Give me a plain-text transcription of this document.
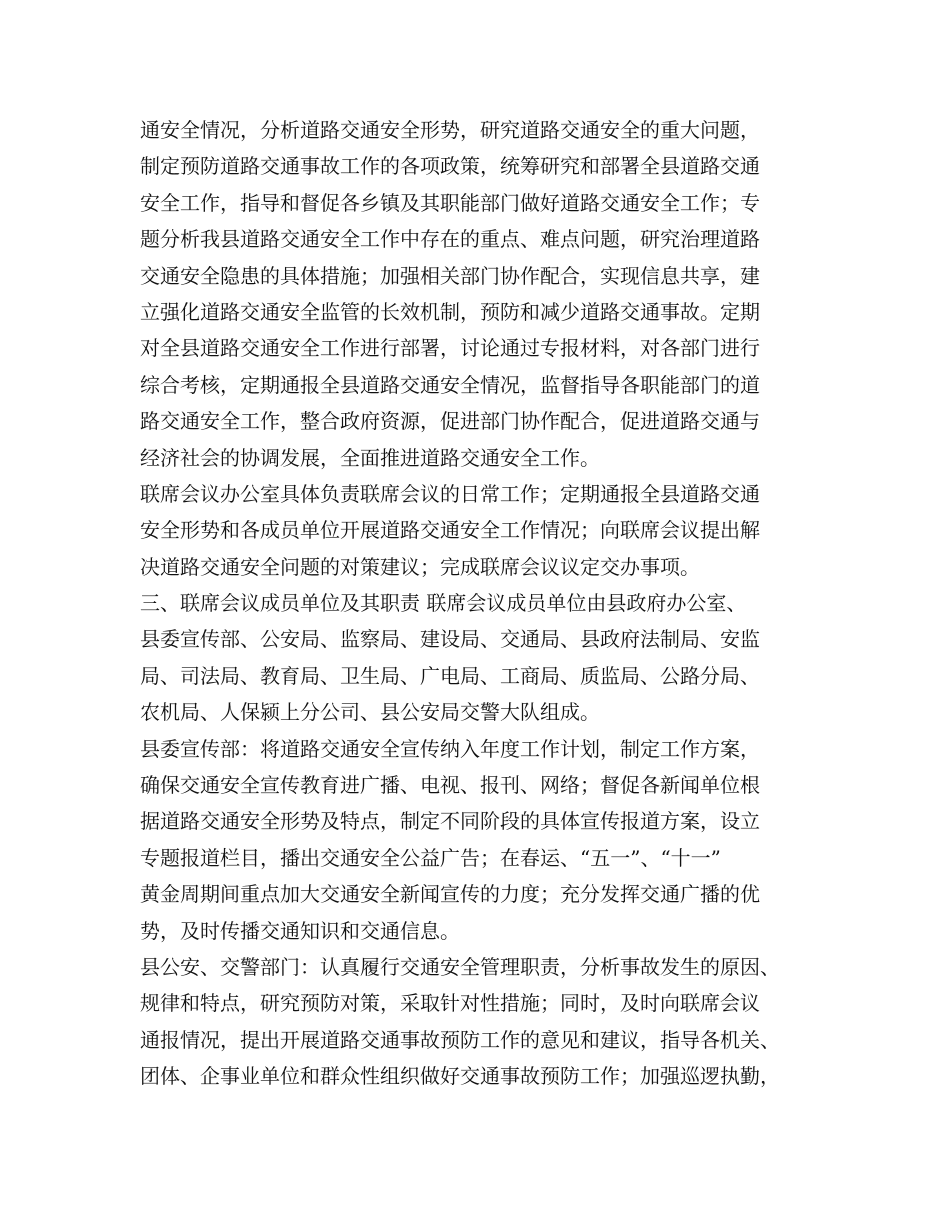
通安全情况，分析道路交通安全形势，研究道路交通安全的重大问题，
制定预防道路交通事故工作的各项政策，统筹研究和部署全县道路交通
安全工作，指导和督促各乡镇及其职能部门做好道路交通安全工作；专
题分析我县道路交通安全工作中存在的重点、难点问题，研究治理道路
交通安全隐患的具体措施；加强相关部门协作配合，实现信息共享，建
立强化道路交通安全监管的长效机制，预防和减少道路交通事故。定期
对全县道路交通安全工作进行部署，讨论通过专报材料，对各部门进行
综合考核，定期通报全县道路交通安全情况，监督指导各职能部门的道
路交通安全工作，整合政府资源，促进部门协作配合，促进道路交通与
经济社会的协调发展，全面推进道路交通安全工作。
联席会议办公室具体负责联席会议的日常工作；定期通报全县道路交通
安全形势和各成员单位开展道路交通安全工作情况；向联席会议提出解
决道路交通安全问题的对策建议；完成联席会议议定交办事项。
三、联席会议成员单位及其职责 联席会议成员单位由县政府办公室、
县委宣传部、公安局、监察局、建设局、交通局、县政府法制局、安监
局、司法局、教育局、卫生局、广电局、工商局、质监局、公路分局、
农机局、人保颍上分公司、县公安局交警大队组成。
县委宣传部：将道路交通安全宣传纳入年度工作计划，制定工作方案，
确保交通安全宣传教育进广播、电视、报刊、网络；督促各新闻单位根
据道路交通安全形势及特点，制定不同阶段的具体宣传报道方案，设立
专题报道栏目，播出交通安全公益广告；在春运、“五一”、“十一”
黄金周期间重点加大交通安全新闻宣传的力度；充分发挥交通广播的优
势，及时传播交通知识和交通信息。
县公安、交警部门：认真履行交通安全管理职责，分析事故发生的原因、
规律和特点，研究预防对策，采取针对性措施；同时，及时向联席会议
通报情况，提出开展道路交通事故预防工作的意见和建议，指导各机关、
团体、企事业单位和群众性组织做好交通事故预防工作；加强巡逻执勤，
